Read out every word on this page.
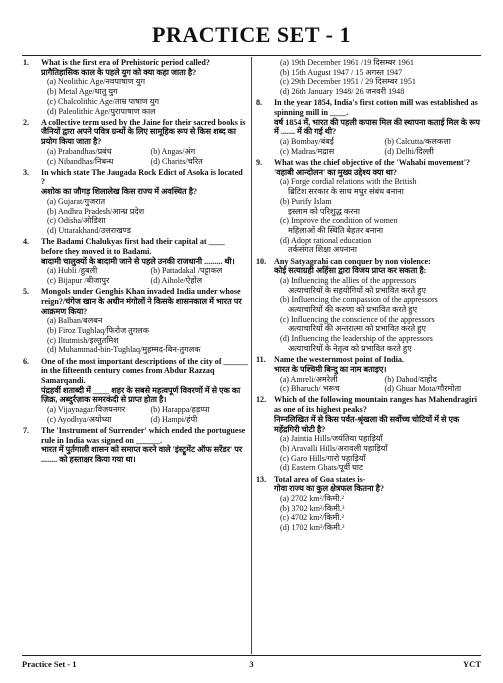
PRACTICE SET - 1
1. What is the first era of Prehistoric period called?
प्रागैतिहासिक काल के पहले युग को क्या कहा जाता है?
(a) Neolithic Age/नवपाषाण युग
(b) Metal Age/धातु युग
(c) Chalcolithic Age/ताम्र पाषाण युग
(d) Paleolithic Age/पुरापाषाण काल
2. A collective term used by the Jaine for their sacred books is
जैनियों द्वारा अपने पवित्र ग्रन्थों के लिए सामूहिक रूप से किस शब्द का प्रयोग किया जाता है?
(a) Prabandhas/प्रबंध	(b) Angas/अंग
(c) Nibandhas/निबन्ध	(d) Charits/चरित
3. In which state The Jaugada Rock Edict of Asoka is located ?
अशोक का जौगड़ शिलालेख किस राज्य में अवस्थित है?
(a) Gujarat/गुजरात
(b) Andhra Pradesh/आन्ध्र प्रदेश
(c) Odisha/ओडिशा
(d) Uttarakhand/उत्तराखण्ड
4. The Badami Chalukyas first had their capital at ____ before they moved it to Badami.
बादामी चालुक्यों के बादामी जाने से पहले उनकी राजधानी ......... थी।
(a) Hubli /हुबली	(b) Pattadakal /पट्टाकल
(c) Bijapur /बीजापुर	(d) Aihole/ऐहोल
5. Mongols under Genghis Khan invaded India under whose reign?/चंगेज खान के अधीन मंगोलों ने किसके शासनकाल में भारत पर आक्रमण किया?
(a) Balban/बलबन
(b) Firoz Tughlaq/फिरोज तुगलक
(c) Iltutmish/इल्तुतमिश
(d) Muhammad-bin-Tughlaq/मुहम्मद-बिन-तुगलक
6. One of the most important descriptions of the city of ______ in the fifteenth century comes from Abdur Razzaq Samarqandi.
पंद्रहवीं शताब्दी में ____ शहर के सबसे महत्वपूर्ण विवरणों में से एक का ज़िक्र, अब्दुर्रज़ाक समरकंदी से प्राप्त होता है।
(a) Vijaynagar/विजयनगर	(b) Harappa/हड़प्पा
(c) Ayodhya/अयोध्या	(d) Hampi/हंपी
7. The 'Instrument of Surrender' which ended the portuguese rule in India was signed on ______.
भारत में पुर्तगाली शासन को समाप्त करने वाले 'इंस्ट्रूमेंट ऑफ सरेंडर' पर ........ को हस्ताक्षर किया गया था।
(a) 19th December 1961 /19 दिसम्बर 1961
(b) 15th August 1947 / 15 अगस्त 1947
(c) 29th December 1951 / 29 दिसम्बर 1951
(d) 26th January 1948/ 26 जनवरी 1948
8. In the year 1854, India's first cotton mill was established as spinning mill in ____.
वर्ष 1854 में, भारत की पहली कपास मिल की स्थापना कताई मिल के रूप में ....... में की गई थी?
(a) Bombay/बंबई	(b) Calcutta/कलकत्ता
(c) Madras/मद्रास	(d) Delhi/दिल्ली
9. What was the chief objective of the 'Wahabi movement'?
'वहाबी आन्दोलन' का मुख्य उद्देश्य क्या था?
(a) Forge cordial relations with the British
ब्रिटिश सरकार के साथ मधुर संबंध बनाना
(b) Purify Islam
इस्लाम को परिशुद्ध करना
(c) Improve the condition of women
महिलाओं की स्थिति बेहतर बनाना
(d) Adopt rational education
तर्कसंगत शिक्षा अपनाना
10. Any Satyagrahi can conquer by non violence:
कोई सत्याग्रही अहिंसा द्वारा विजय प्राप्त कर सकता है:
(a) Influencing the allies of the appressors
अत्याचारियों के सहयोगियों को प्रभावित करते हुए
(b) Influencing the compassion of the appressors
अत्याचारियों की करुणा को प्रभावित करते हुए
(c) Influencing the conscience of the appressors
अत्याचारियों की अन्तरात्मा को प्रभावित करते हुए
(d) Influencing the leadership of the appressors
अत्याचारियों के नेतृत्व को प्रभावित करते हुए
11. Name the westernmost point of India.
भारत के पश्चिमी बिन्दु का नाम बताइए।
(a) Amreli/अमरेली	(b) Dahod/दाहोद
(c) Bharuch/ भरूच	(d) Ghuar Mota/गौरमोता
12. Which of the following mountain ranges has Mahendragiri as one of its highest peaks?
निम्नलिखित में से किस पर्वत-श्रृंखला की सर्वोच्च चोटियों में से एक महेंद्रगिरी चोटी है?
(a) Jaintia Hills/जयंतिया पहाड़ियाँ
(b) Aravalli Hills/अरावली पहाड़ियाँ
(c) Garo Hills/गारो पहाड़ियाँ
(d) Eastern Ghats/पूर्वी घाट
13. Total area of Goa states is-
गोवा राज्य का कुल क्षेत्रफल कितना है?
(a) 2702 km²/किमी.²
(b) 3702 km²/किमी.²
(c) 4702 km²/किमी.²
(d) 1702 km²/किमी.²
Practice Set - 1	3	YCT
